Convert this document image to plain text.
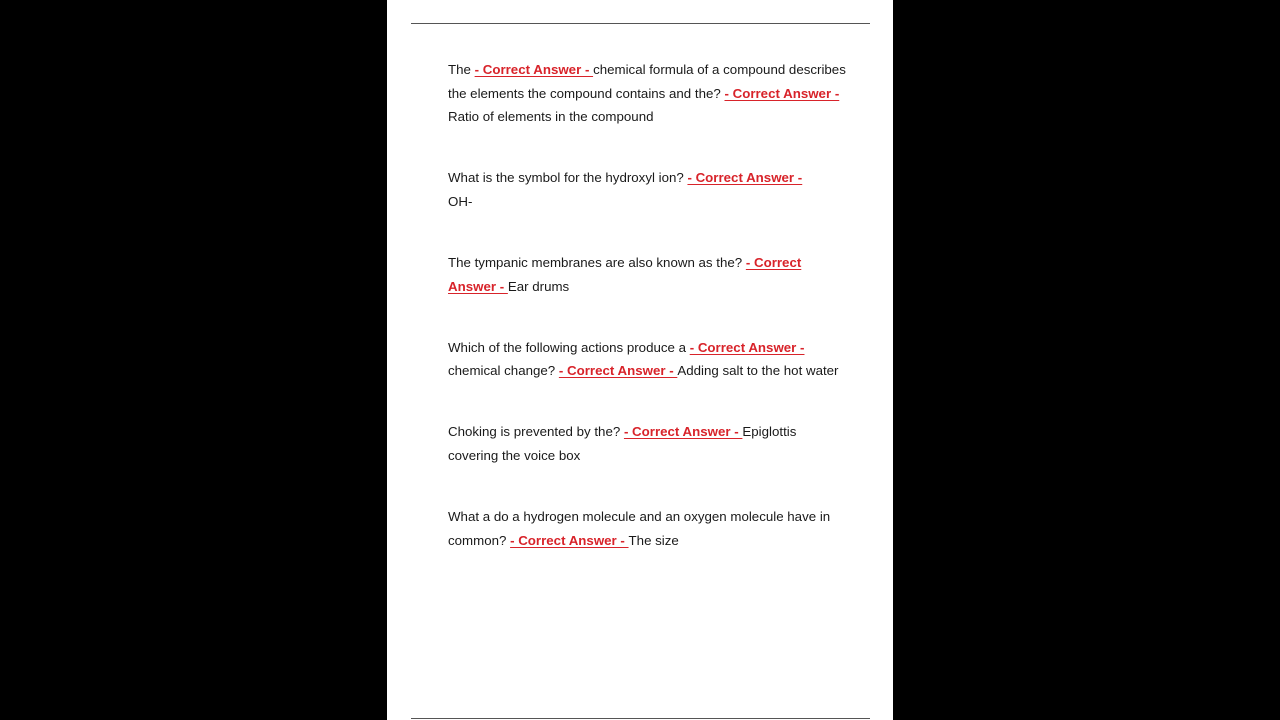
The - Correct Answer - chemical formula of a compound describes the elements the compound contains and the? - Correct Answer - Ratio of elements in the compound

What is the symbol for the hydroxyl ion? - Correct Answer -
OH-

The tympanic membranes are also known as the? - Correct Answer - Ear drums

Which of the following actions produce a - Correct Answer - chemical change? - Correct Answer - Adding salt to the hot water

Choking is prevented by the? - Correct Answer - Epiglottis covering the voice box

What a do a hydrogen molecule and an oxygen molecule have in common? - Correct Answer - The size
